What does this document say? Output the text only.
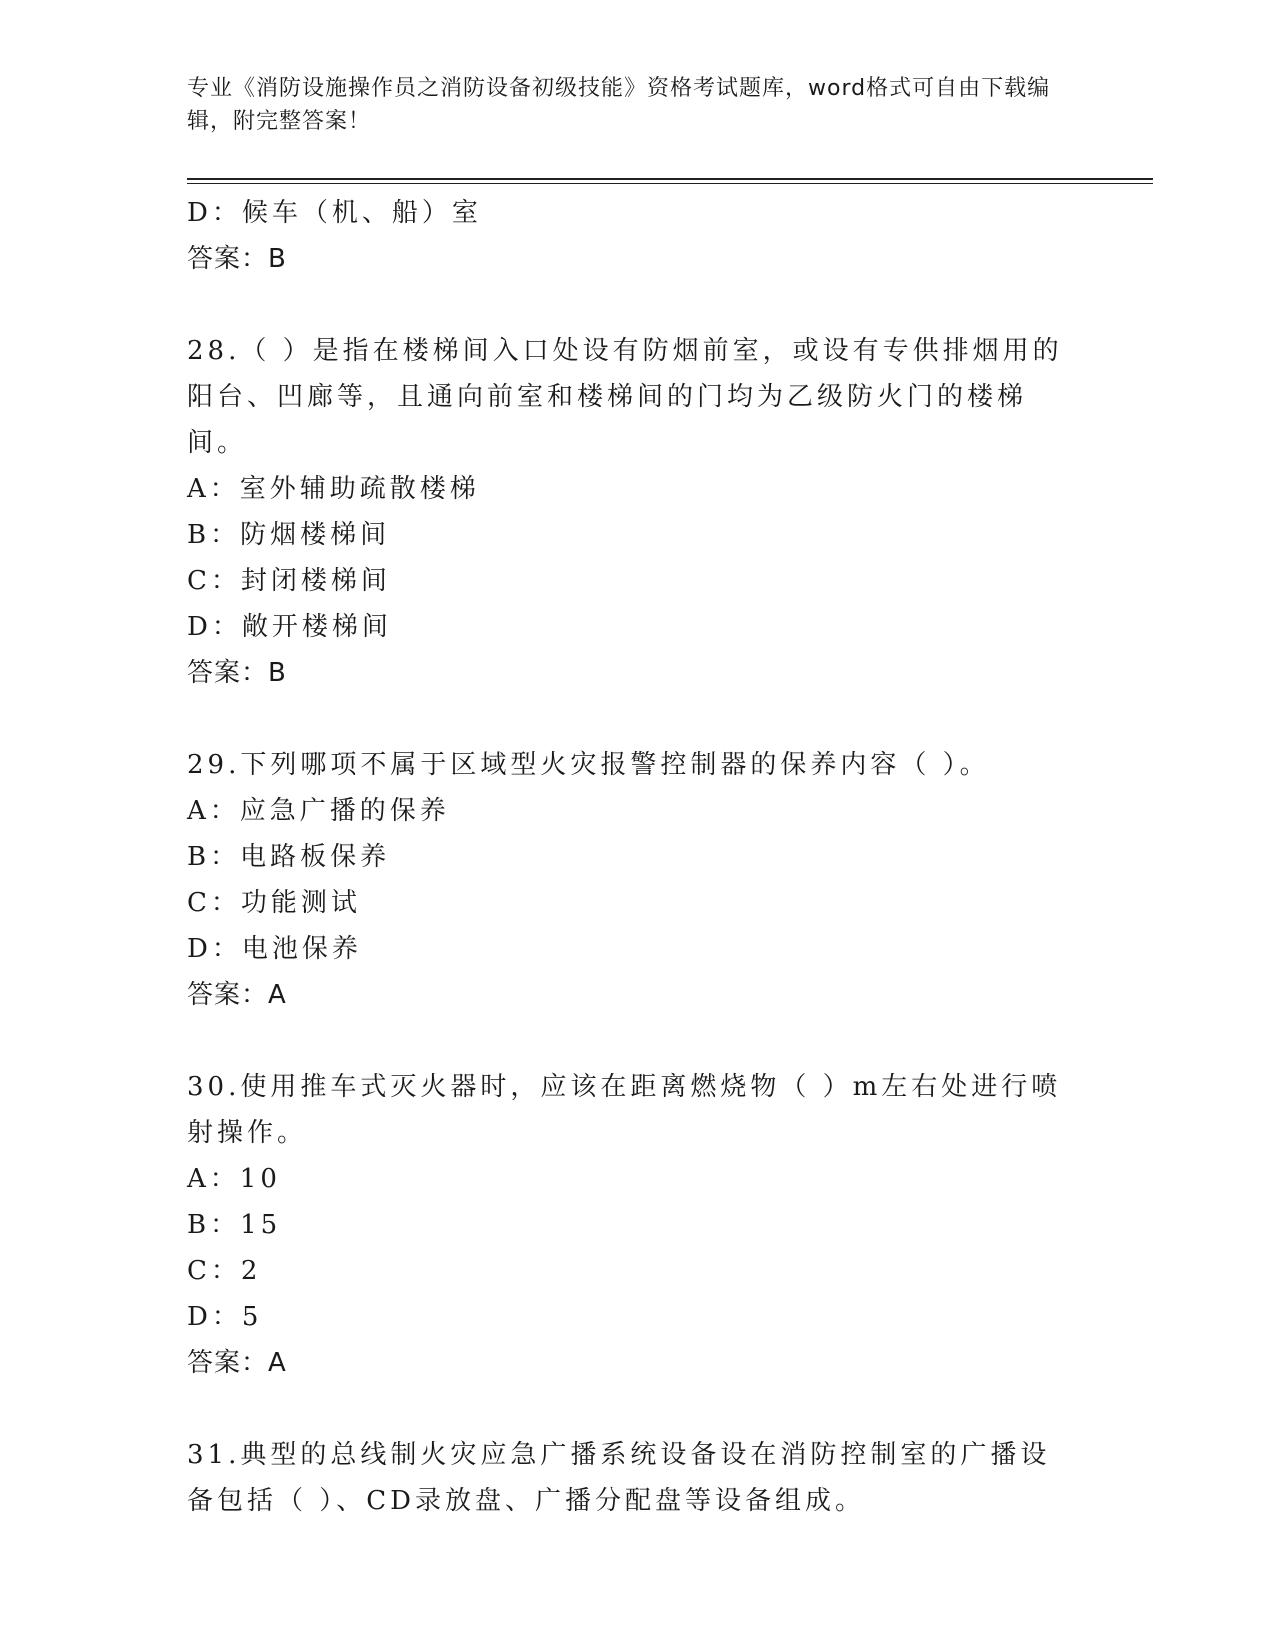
专业《消防设施操作员之消防设备初级技能》资格考试题库，word格式可自由下载编辑，附完整答案！
D：候车（机、船）室
答案：B
28.（ ）是指在楼梯间入口处设有防烟前室，或设有专供排烟用的阳台、凹廊等，且通向前室和楼梯间的门均为乙级防火门的楼梯间。
A：室外辅助疏散楼梯
B：防烟楼梯间
C：封闭楼梯间
D：敞开楼梯间
答案：B
29.下列哪项不属于区域型火灾报警控制器的保养内容（ ）。
A：应急广播的保养
B：电路板保养
C：功能测试
D：电池保养
答案：A
30.使用推车式灭火器时，应该在距离燃烧物（ ）m左右处进行喷射操作。
A：10
B：15
C：2
D：5
答案：A
31.典型的总线制火灾应急广播系统设备设在消防控制室的广播设备包括（ ）、CD录放盘、广播分配盘等设备组成。
